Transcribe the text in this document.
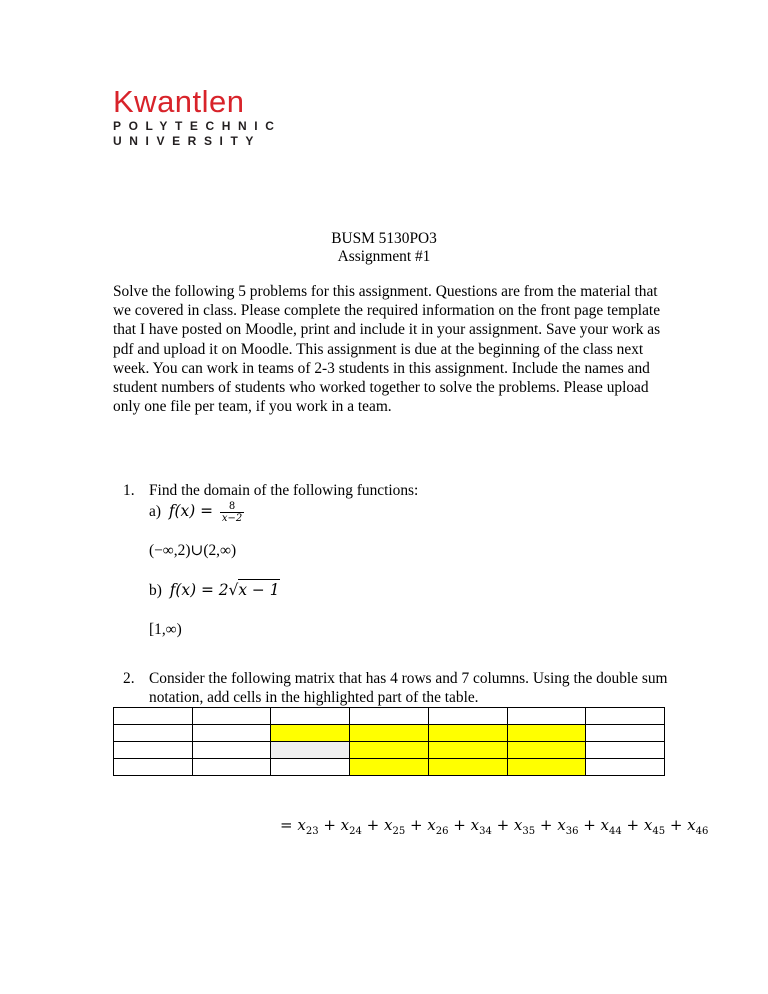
Kwantlen
POLYTECHNIC
UNIVERSITY
BUSM 5130PO3
Assignment #1

Solve the following 5 problems for this assignment. Questions are from the material that we covered in class. Please complete the required information on the front page template that I have posted on Moodle, print and include it in your assignment. Save your work as pdf and upload it on Moodle. This assignment is due at the beginning of the class next week. You can work in teams of 2-3 students in this assignment. Include the names and student numbers of students who worked together to solve the problems. Please upload only one file per team, if you work in a team.

1. Find the domain of the following functions:
a) $f(x) = \frac{8}{x-2}$
(−∞,2)∪(2,∞)
b) f(x) = 2√x − 1
[1,∞)
2. Consider the following matrix that has 4 rows and 7 columns. Using the double sum notation, add cells in the highlighted part of the table.

= $x_{23} + x_{24} + x_{25} + x_{26} + x_{34} + x_{35} + x_{36} + x_{44} + x_{45} + x_{46}$
